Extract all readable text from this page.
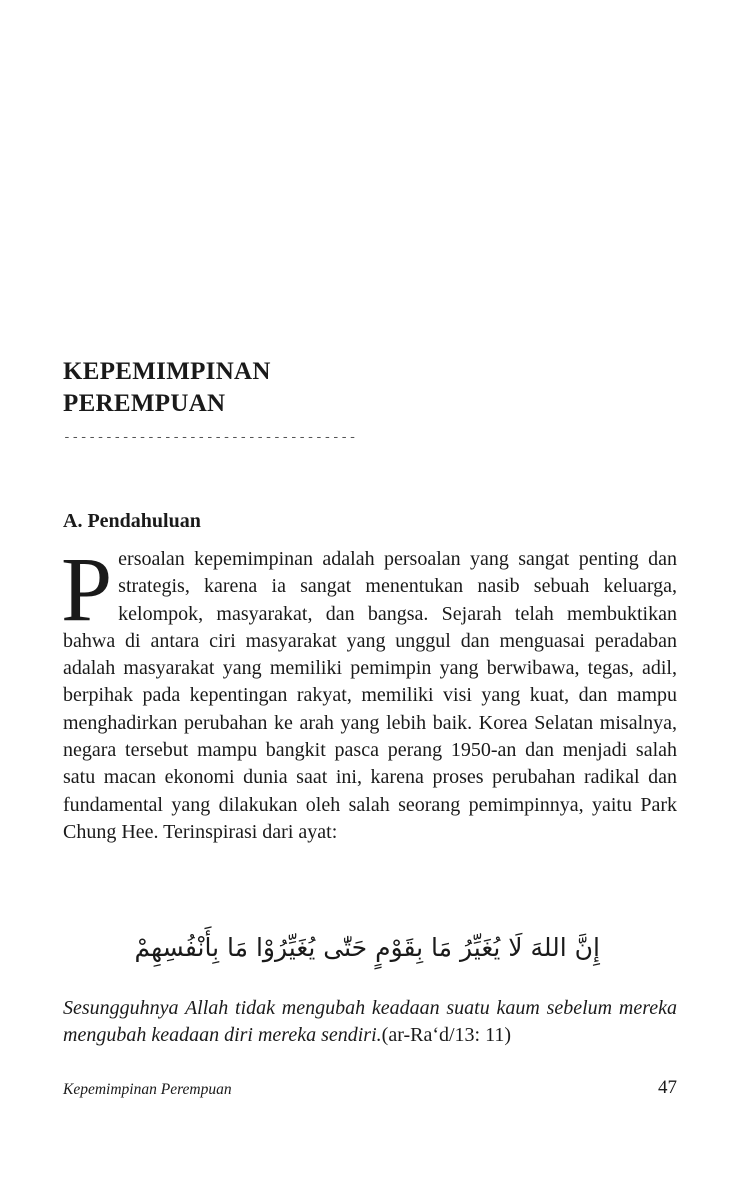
KEPEMIMPINAN
PEREMPUAN
-----------------------------------
A. Pendahuluan

Persoalan kepemimpinan adalah persoalan yang sangat penting dan strategis, karena ia sangat menentukan nasib sebuah keluarga, kelompok, masyarakat, dan bangsa. Sejarah telah membuktikan bahwa di antara ciri masyarakat yang unggul dan menguasai peradaban adalah masyarakat yang memiliki pemimpin yang berwibawa, tegas, adil, berpihak pada kepentingan rakyat, memiliki visi yang kuat, dan mampu menghadirkan perubahan ke arah yang lebih baik. Korea Selatan misalnya, negara tersebut mampu bangkit pasca perang 1950-an dan menjadi salah satu macan ekonomi dunia saat ini, karena proses perubahan radikal dan fundamental yang dilakukan oleh salah seorang pemimpinnya, yaitu Park Chung Hee. Terinspirasi dari ayat:

إِنَّ اللهَ لَا يُغَيِّرُ مَا بِقَوْمٍ حَتّٰى يُغَيِّرُوْا مَا بِأَنْفُسِهِمْ

Sesungguhnya Allah tidak mengubah keadaan suatu kaum sebelum mereka mengubah keadaan diri mereka sendiri.(ar-Ra‘d/13: 11)

Kepemimpinan Perempuan	47
